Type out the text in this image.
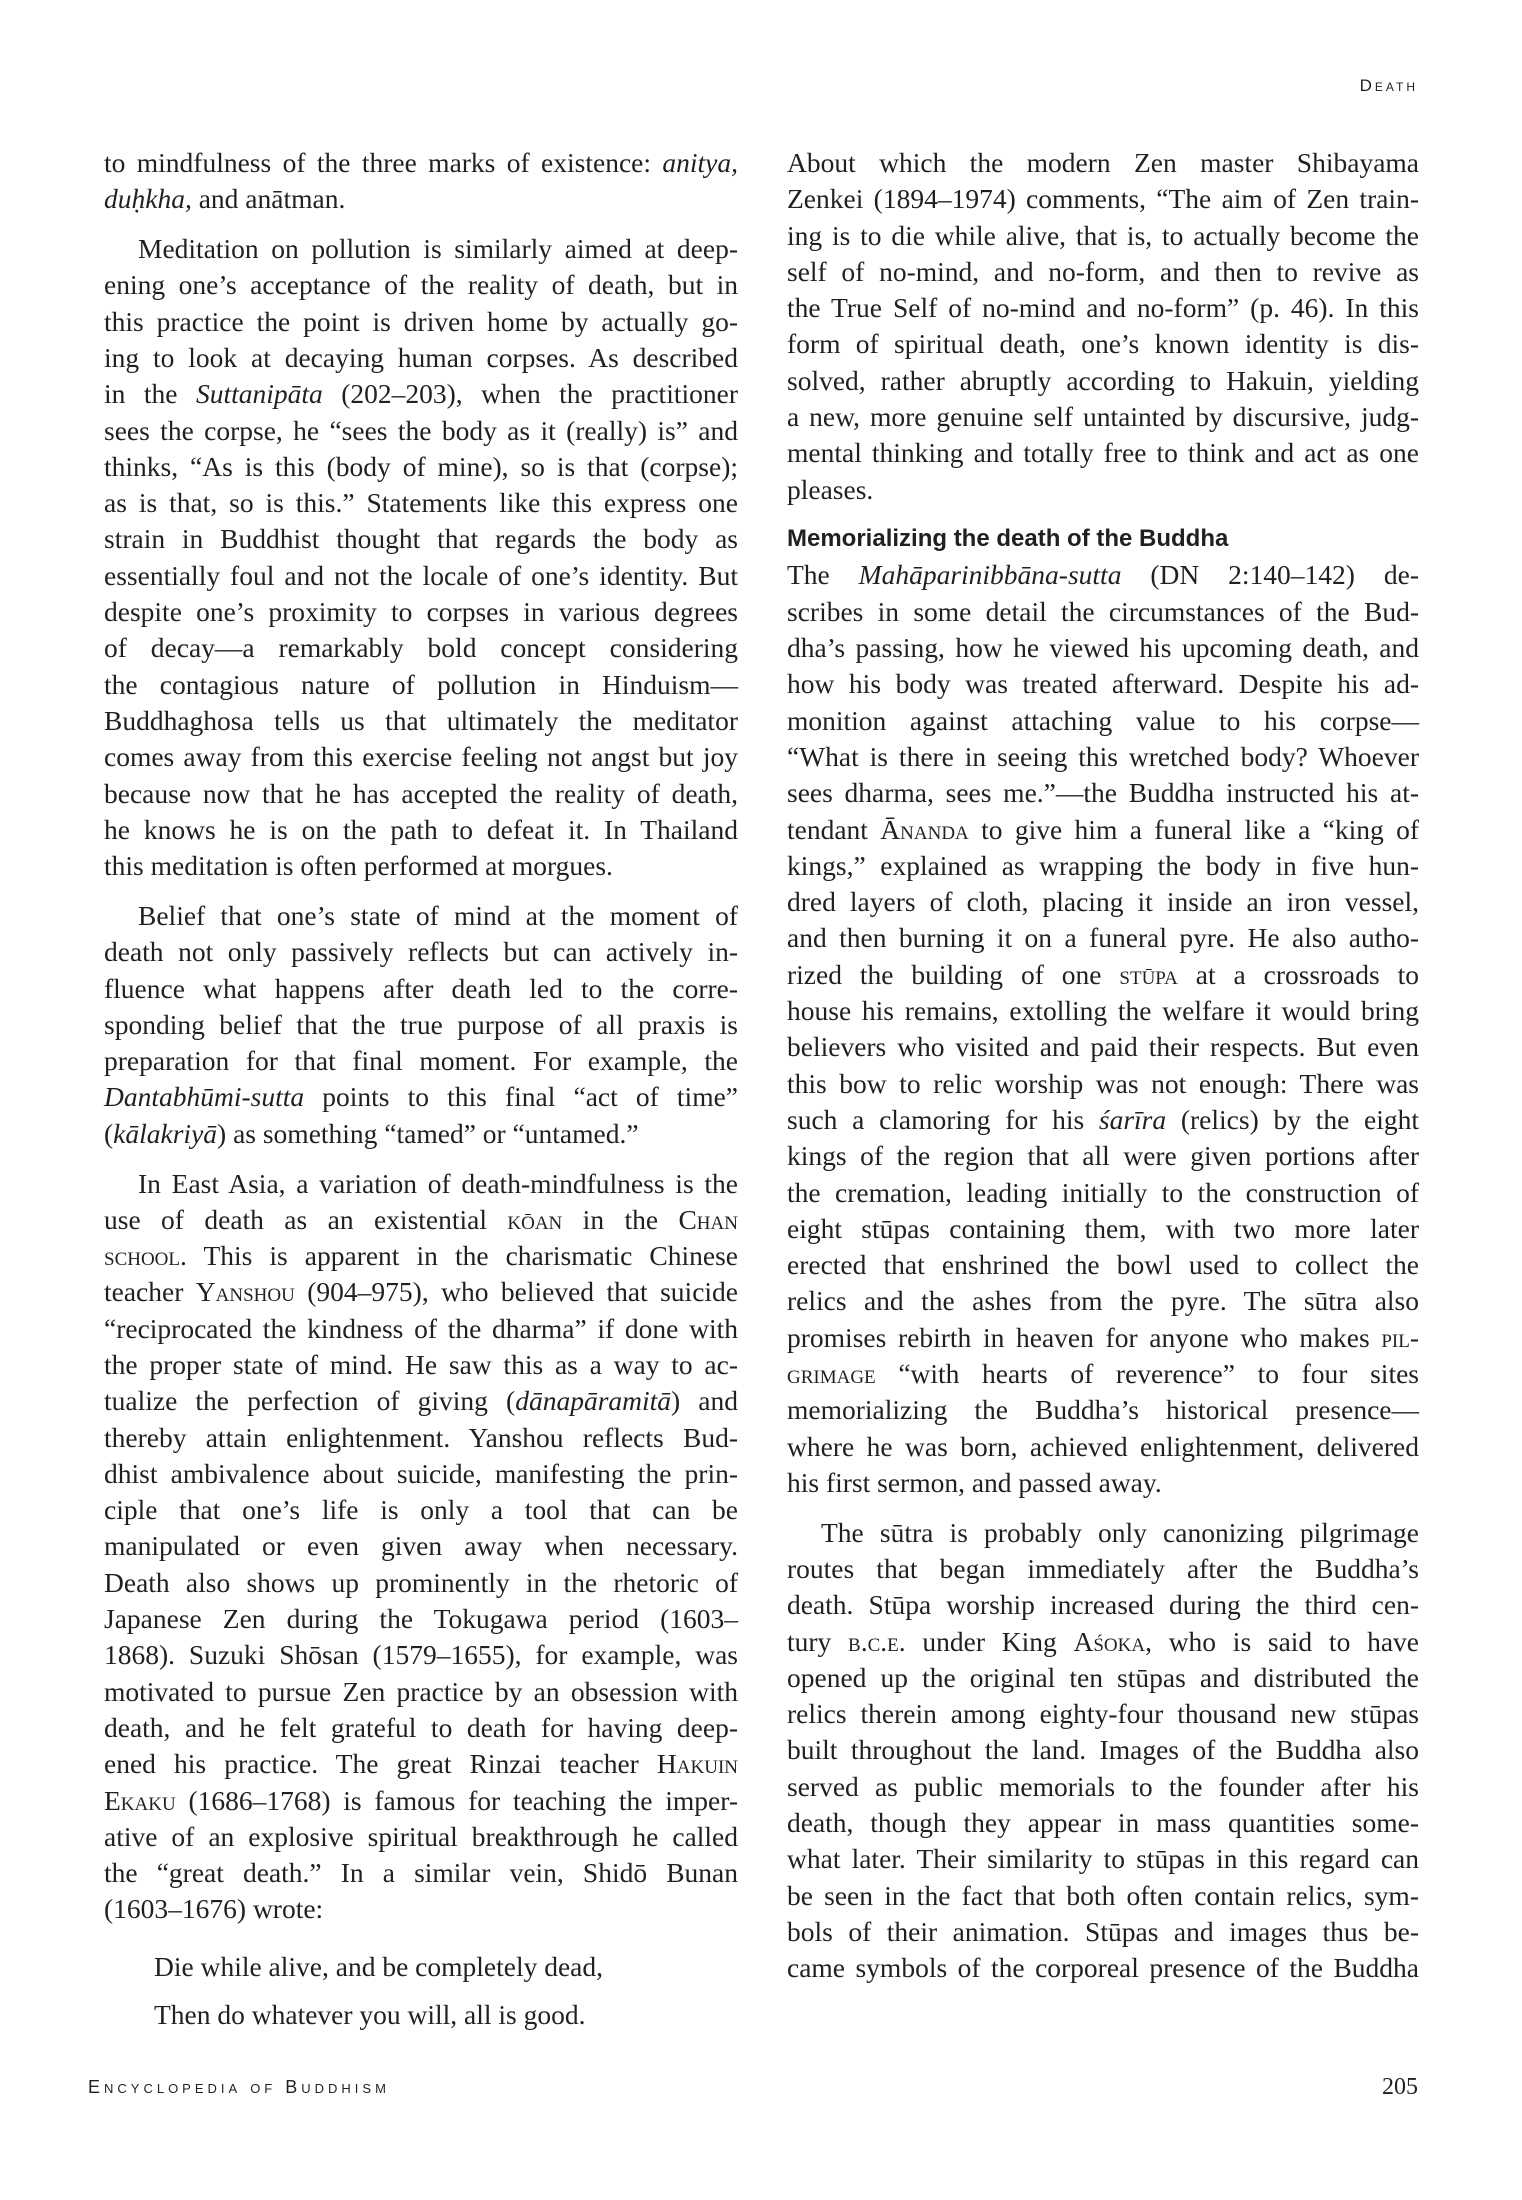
Death
to mindfulness of the three marks of existence: anitya,
duḥkha, and anātman.
Meditation on pollution is similarly aimed at deep-
ening one’s acceptance of the reality of death, but in
this practice the point is driven home by actually go-
ing to look at decaying human corpses. As described
in the Suttanipāta (202–203), when the practitioner
sees the corpse, he “sees the body as it (really) is” and
thinks, “As is this (body of mine), so is that (corpse);
as is that, so is this.” Statements like this express one
strain in Buddhist thought that regards the body as
essentially foul and not the locale of one’s identity. But
despite one’s proximity to corpses in various degrees
of decay—a remarkably bold concept considering
the contagious nature of pollution in Hinduism—
Buddhaghosa tells us that ultimately the meditator
comes away from this exercise feeling not angst but joy
because now that he has accepted the reality of death,
he knows he is on the path to defeat it. In Thailand
this meditation is often performed at morgues.
Belief that one’s state of mind at the moment of
death not only passively reflects but can actively in-
fluence what happens after death led to the corre-
sponding belief that the true purpose of all praxis is
preparation for that final moment. For example, the
Dantabhūmi-sutta points to this final “act of time”
(kālakriyā) as something “tamed” or “untamed.”
In East Asia, a variation of death-mindfulness is the
use of death as an existential kōan in the Chan
school. This is apparent in the charismatic Chinese
teacher Yanshou (904–975), who believed that suicide
“reciprocated the kindness of the dharma” if done with
the proper state of mind. He saw this as a way to ac-
tualize the perfection of giving (dānapāramitā) and
thereby attain enlightenment. Yanshou reflects Bud-
dhist ambivalence about suicide, manifesting the prin-
ciple that one’s life is only a tool that can be
manipulated or even given away when necessary.
Death also shows up prominently in the rhetoric of
Japanese Zen during the Tokugawa period (1603–
1868). Suzuki Shōsan (1579–1655), for example, was
motivated to pursue Zen practice by an obsession with
death, and he felt grateful to death for having deep-
ened his practice. The great Rinzai teacher Hakuin
Ekaku (1686–1768) is famous for teaching the imper-
ative of an explosive spiritual breakthrough he called
the “great death.” In a similar vein, Shidō Bunan
(1603–1676) wrote:
Die while alive, and be completely dead,
Then do whatever you will, all is good.
About which the modern Zen master Shibayama
Zenkei (1894–1974) comments, “The aim of Zen train-
ing is to die while alive, that is, to actually become the
self of no-mind, and no-form, and then to revive as
the True Self of no-mind and no-form” (p. 46). In this
form of spiritual death, one’s known identity is dis-
solved, rather abruptly according to Hakuin, yielding
a new, more genuine self untainted by discursive, judg-
mental thinking and totally free to think and act as one
pleases.
Memorializing the death of the Buddha
The Mahāparinibbāna-sutta (DN 2:140–142) de-
scribes in some detail the circumstances of the Bud-
dha’s passing, how he viewed his upcoming death, and
how his body was treated afterward. Despite his ad-
monition against attaching value to his corpse—
“What is there in seeing this wretched body? Whoever
sees dharma, sees me.”—the Buddha instructed his at-
tendant Ānanda to give him a funeral like a “king of
kings,” explained as wrapping the body in five hun-
dred layers of cloth, placing it inside an iron vessel,
and then burning it on a funeral pyre. He also autho-
rized the building of one stūpa at a crossroads to
house his remains, extolling the welfare it would bring
believers who visited and paid their respects. But even
this bow to relic worship was not enough: There was
such a clamoring for his śarīra (relics) by the eight
kings of the region that all were given portions after
the cremation, leading initially to the construction of
eight stūpas containing them, with two more later
erected that enshrined the bowl used to collect the
relics and the ashes from the pyre. The sūtra also
promises rebirth in heaven for anyone who makes pil-
grimage “with hearts of reverence” to four sites
memorializing the Buddha’s historical presence—
where he was born, achieved enlightenment, delivered
his first sermon, and passed away.
The sūtra is probably only canonizing pilgrimage
routes that began immediately after the Buddha’s
death. Stūpa worship increased during the third cen-
tury b.c.e. under King Aśoka, who is said to have
opened up the original ten stūpas and distributed the
relics therein among eighty-four thousand new stūpas
built throughout the land. Images of the Buddha also
served as public memorials to the founder after his
death, though they appear in mass quantities some-
what later. Their similarity to stūpas in this regard can
be seen in the fact that both often contain relics, sym-
bols of their animation. Stūpas and images thus be-
came symbols of the corporeal presence of the Buddha
Encyclopedia of Buddhism	205
